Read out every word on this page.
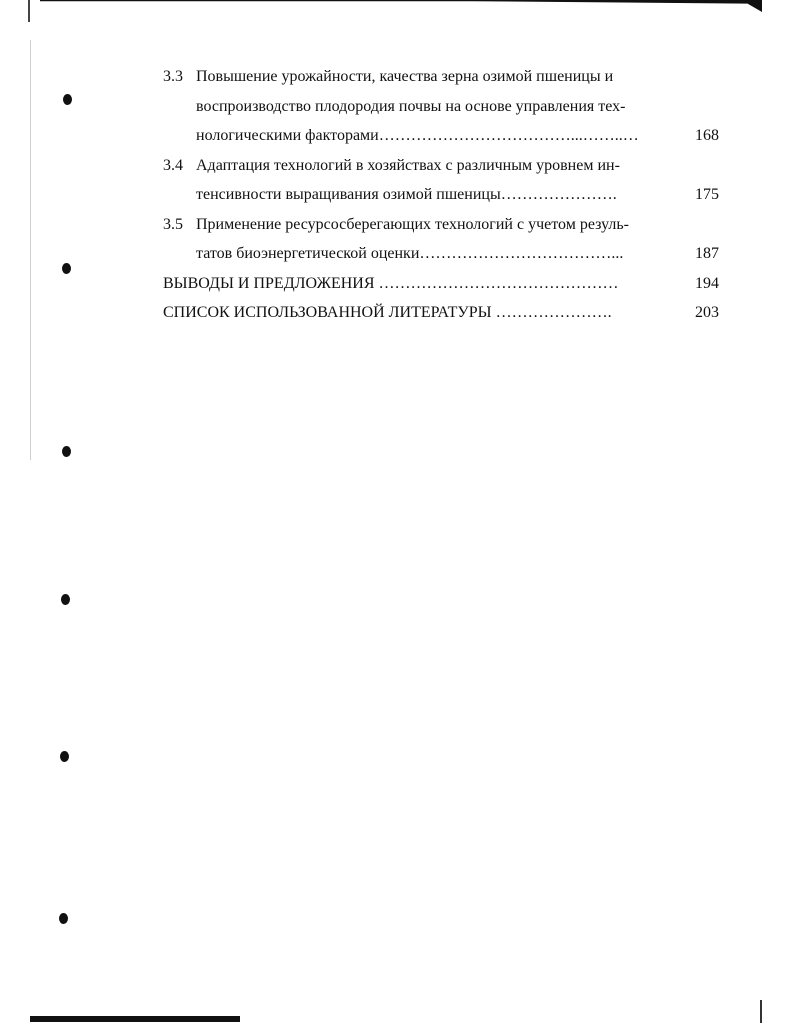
3.3 Повышение урожайности, качества зерна озимой пшеницы и
воспроизводство плодородия почвы на основе управления тех-
нологическими факторами………………………………...……..…	168
3.4 Адаптация технологий в хозяйствах с различным уровнем ин-
тенсивности выращивания озимой пшеницы………………….	175
3.5 Применение ресурсосберегающих технологий с учетом резуль-
татов биоэнергетической оценки………………………………...	187
ВЫВОДЫ И ПРЕДЛОЖЕНИЯ ………………………………………	194
СПИСОК ИСПОЛЬЗОВАННОЙ ЛИТЕРАТУРЫ ………………….	203
